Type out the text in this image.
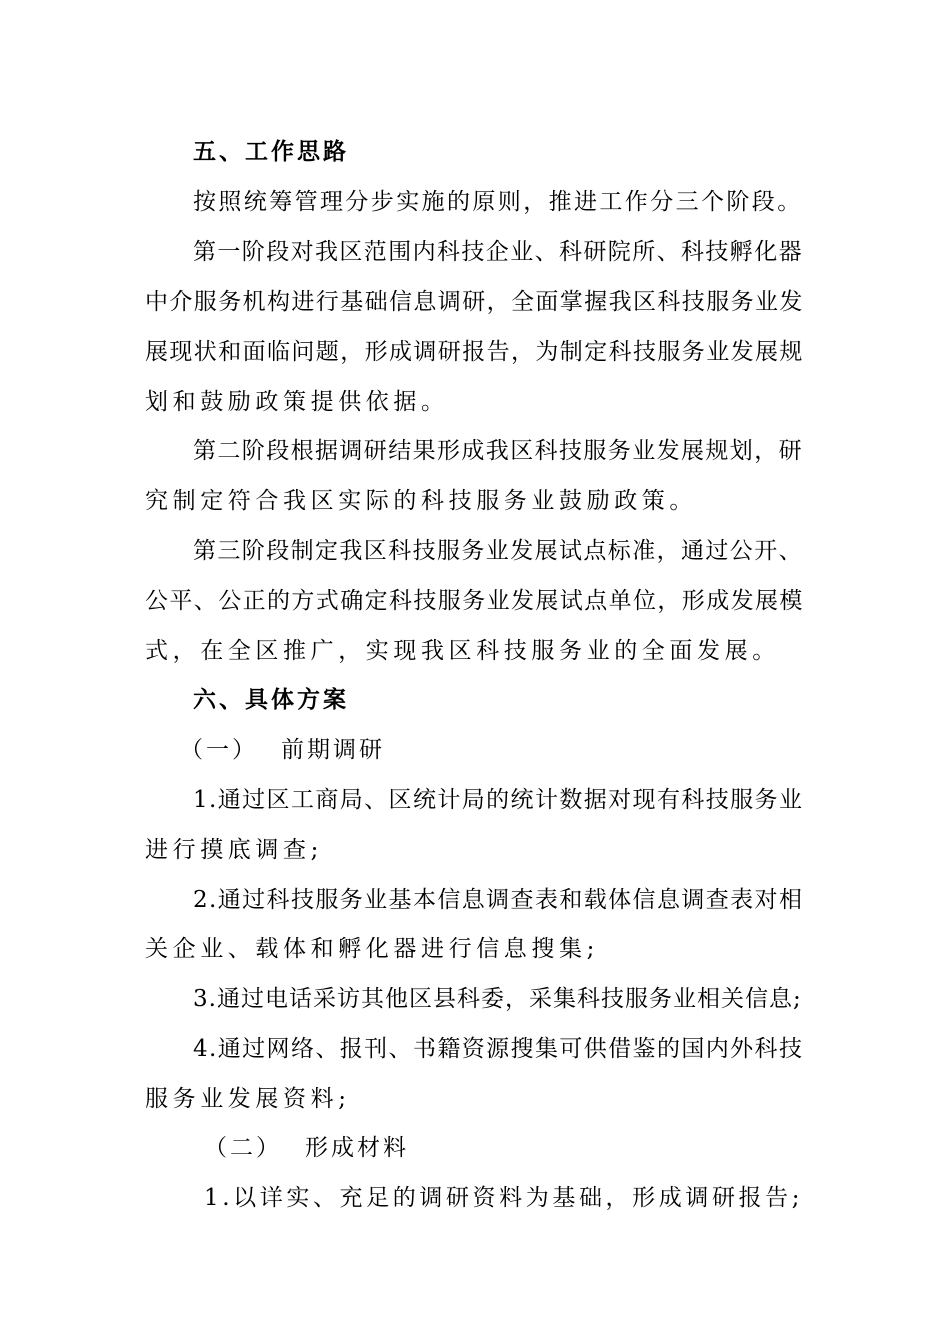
五、工作思路
按照统筹管理分步实施的原则，推进工作分三个阶段。
第一阶段对我区范围内科技企业、科研院所、科技孵化器
中介服务机构进行基础信息调研，全面掌握我区科技服务业发
展现状和面临问题，形成调研报告，为制定科技服务业发展规
划和鼓励政策提供依据。
第二阶段根据调研结果形成我区科技服务业发展规划，研
究制定符合我区实际的科技服务业鼓励政策。
第三阶段制定我区科技服务业发展试点标准，通过公开、
公平、公正的方式确定科技服务业发展试点单位，形成发展模
式，在全区推广，实现我区科技服务业的全面发展。
六、具体方案
（一） 前期调研
1.通过区工商局、区统计局的统计数据对现有科技服务业
进行摸底调查;
2.通过科技服务业基本信息调查表和载体信息调查表对相
关企业、载体和孵化器进行信息搜集;
3.通过电话采访其他区县科委，采集科技服务业相关信息;
4.通过网络、报刊、书籍资源搜集可供借鉴的国内外科技
服务业发展资料;
（二） 形成材料
1.以详实、充足的调研资料为基础，形成调研报告;
